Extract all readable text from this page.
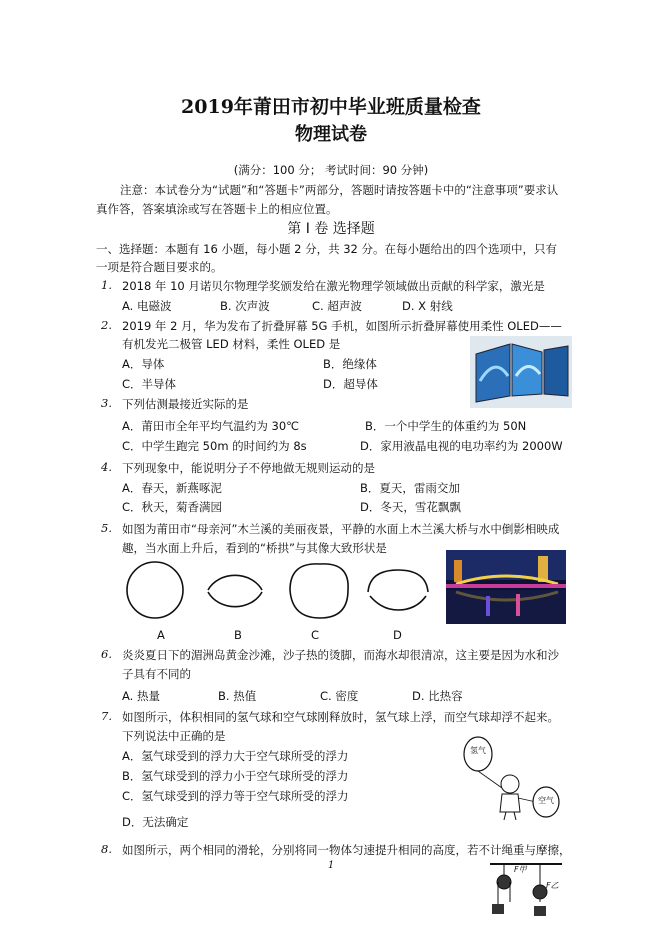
2019年莆田市初中毕业班质量检查
物理试卷
(满分：100 分； 考试时间：90 分钟)
注意：本试卷分为“试题”和“答题卡”两部分，答题时请按答题卡中的“注意事项”要求认
真作答，答案填涂或写在答题卡上的相应位置。
第 I 卷 选择题
一、选择题：本题有 16 小题，每小题 2 分，共 32 分。在每小题给出的四个选项中，只有
一项是符合题目要求的。
1. 2018 年 10 月诺贝尔物理学奖颁发给在激光物理学领域做出贡献的科学家，激光是
A. 电磁波	B. 次声波	C. 超声波	D. X 射线
2. 2019 年 2 月，华为发布了折叠屏幕 5G 手机，如图所示折叠屏幕使用柔性 OLED——
有机发光二极管 LED 材料，柔性 OLED 是
A．导体	B．绝缘体
C．半导体	D．超导体
3. 下列估测最接近实际的是
A．莆田市全年平均气温约为 30℃	B．一个中学生的体重约为 50N
C．中学生跑完 50m 的时间约为 8s	D．家用液晶电视的电功率约为 2000W
4. 下列现象中，能说明分子不停地做无规则运动的是
A．春天，新燕啄泥	B．夏天，雷雨交加
C．秋天，菊香满园	D．冬天，雪花飘飘
5. 如图为莆田市“母亲河”木兰溪的美丽夜景，平静的水面上木兰溪大桥与水中倒影相映成
趣，当水面上升后，看到的“桥拱”与其像大致形状是
A	B	C	D
6. 炎炎夏日下的湄洲岛黄金沙滩，沙子热的烫脚，而海水却很清凉，这主要是因为水和沙
子具有不同的
A. 热量	B. 热值	C. 密度	D. 比热容
7. 如图所示，体积相同的氢气球和空气球刚释放时，氢气球上浮，而空气球却浮不起来。
下列说法中正确的是
A．氢气球受到的浮力大于空气球所受的浮力
B．氢气球受到的浮力小于空气球所受的浮力
C．氢气球受到的浮力等于空气球所受的浮力
D．无法确定
氢气
空气
8. 如图所示，两个相同的滑轮，分别将同一物体匀速提升相同的高度，若不计绳重与摩擦，
F甲
F乙
1
